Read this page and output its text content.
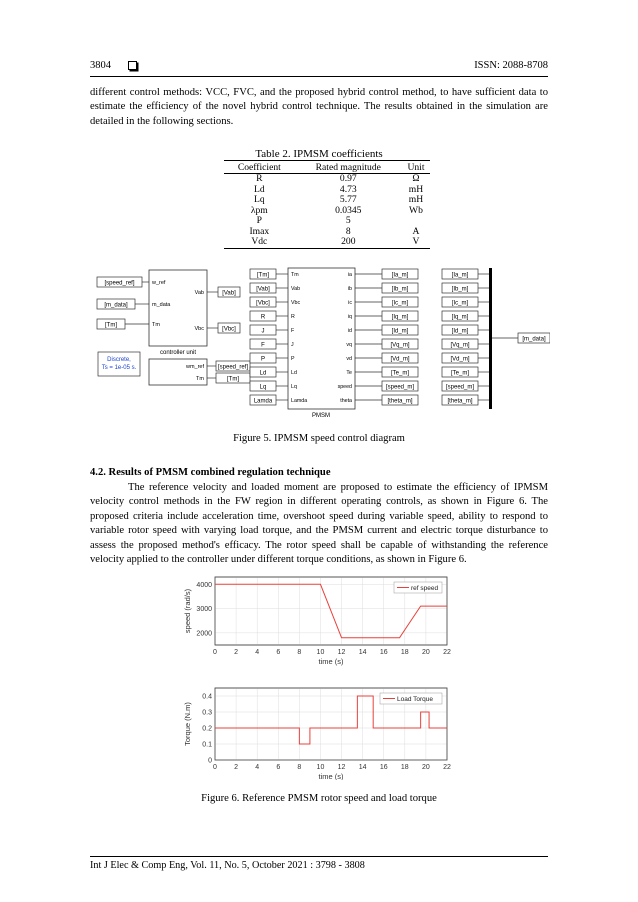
3804	ISSN: 2088-8708

different control methods: VCC, FVC, and the proposed hybrid control method, to have sufficient data to estimate the efficiency of the novel hybrid control technique. The results obtained in the simulation are detailed in the following sections.

Table 2. IPMSM coefficients
Coefficient	Rated magnitude	Unit
R	0.97	Ω
Ld	4.73	mH
Lq	5.77	mH
λpm	0.0345	Wb
P	5	
Imax	8	A
Vdc	200	V
[speed_ref]
[m_data]
[Tm]
w_ref
m_data
Tm
Vab
Vbc
controller unit
[Vab]
[Vbc]
Discrete,
Ts = 1e-05 s.	wm_ref
Tm
[speed_ref]
[Tm]
PMSM
[Tm]
[Vab]
[Vbc]
R
J
F
P
Ld
Lq
Lamda
Tm
Vab
Vbc
R
F
J
P
Ld
Lq
Lamda
ia
ib
ic
iq
id
vq
vd
Te
speed
theta
[Ia_m]
[Ib_m]
[Ic_m]
[Iq_m]
[Id_m]
[Vq_m]
[Vd_m]
[Te_m]
[speed_m]
[theta_m]
[Ia_m]
[Ib_m]
[Ic_m]
[Iq_m]
[Id_m]
[Vq_m]
[Vd_m]
[Te_m]
[speed_m]
[theta_m]
[m_data]
Figure 5. IPMSM speed control diagram
4.2. Results of PMSM combined regulation technique

The reference velocity and loaded moment are proposed to estimate the efficiency of IPMSM velocity control methods in the FW region in different operating controls, as shown in Figure 6. The proposed criteria include acceleration time, overshoot speed during variable speed, ability to respond to variable rotor speed with varying load torque, and the PMSM current and electric torque disturbance to assess the proposed method's efficacy. The rotor speed shall be capable of withstanding the reference velocity applied to the controller under different torque conditions, as shown in Figure 6.

0 2 4 6 8 10 12 14 16 18 20 22
2000
3000
4000
time (s)
speed (rad/s)
ref speed
0 2 4 6 8 10 12 14 16 18 20 22
0
0.1
0.2
0.3
0.4
time (s)
Torque (N.m)
Load Torque
Figure 6. Reference PMSM rotor speed and load torque
Int J Elec & Comp Eng, Vol. 11, No. 5, October 2021 : 3798 - 3808
